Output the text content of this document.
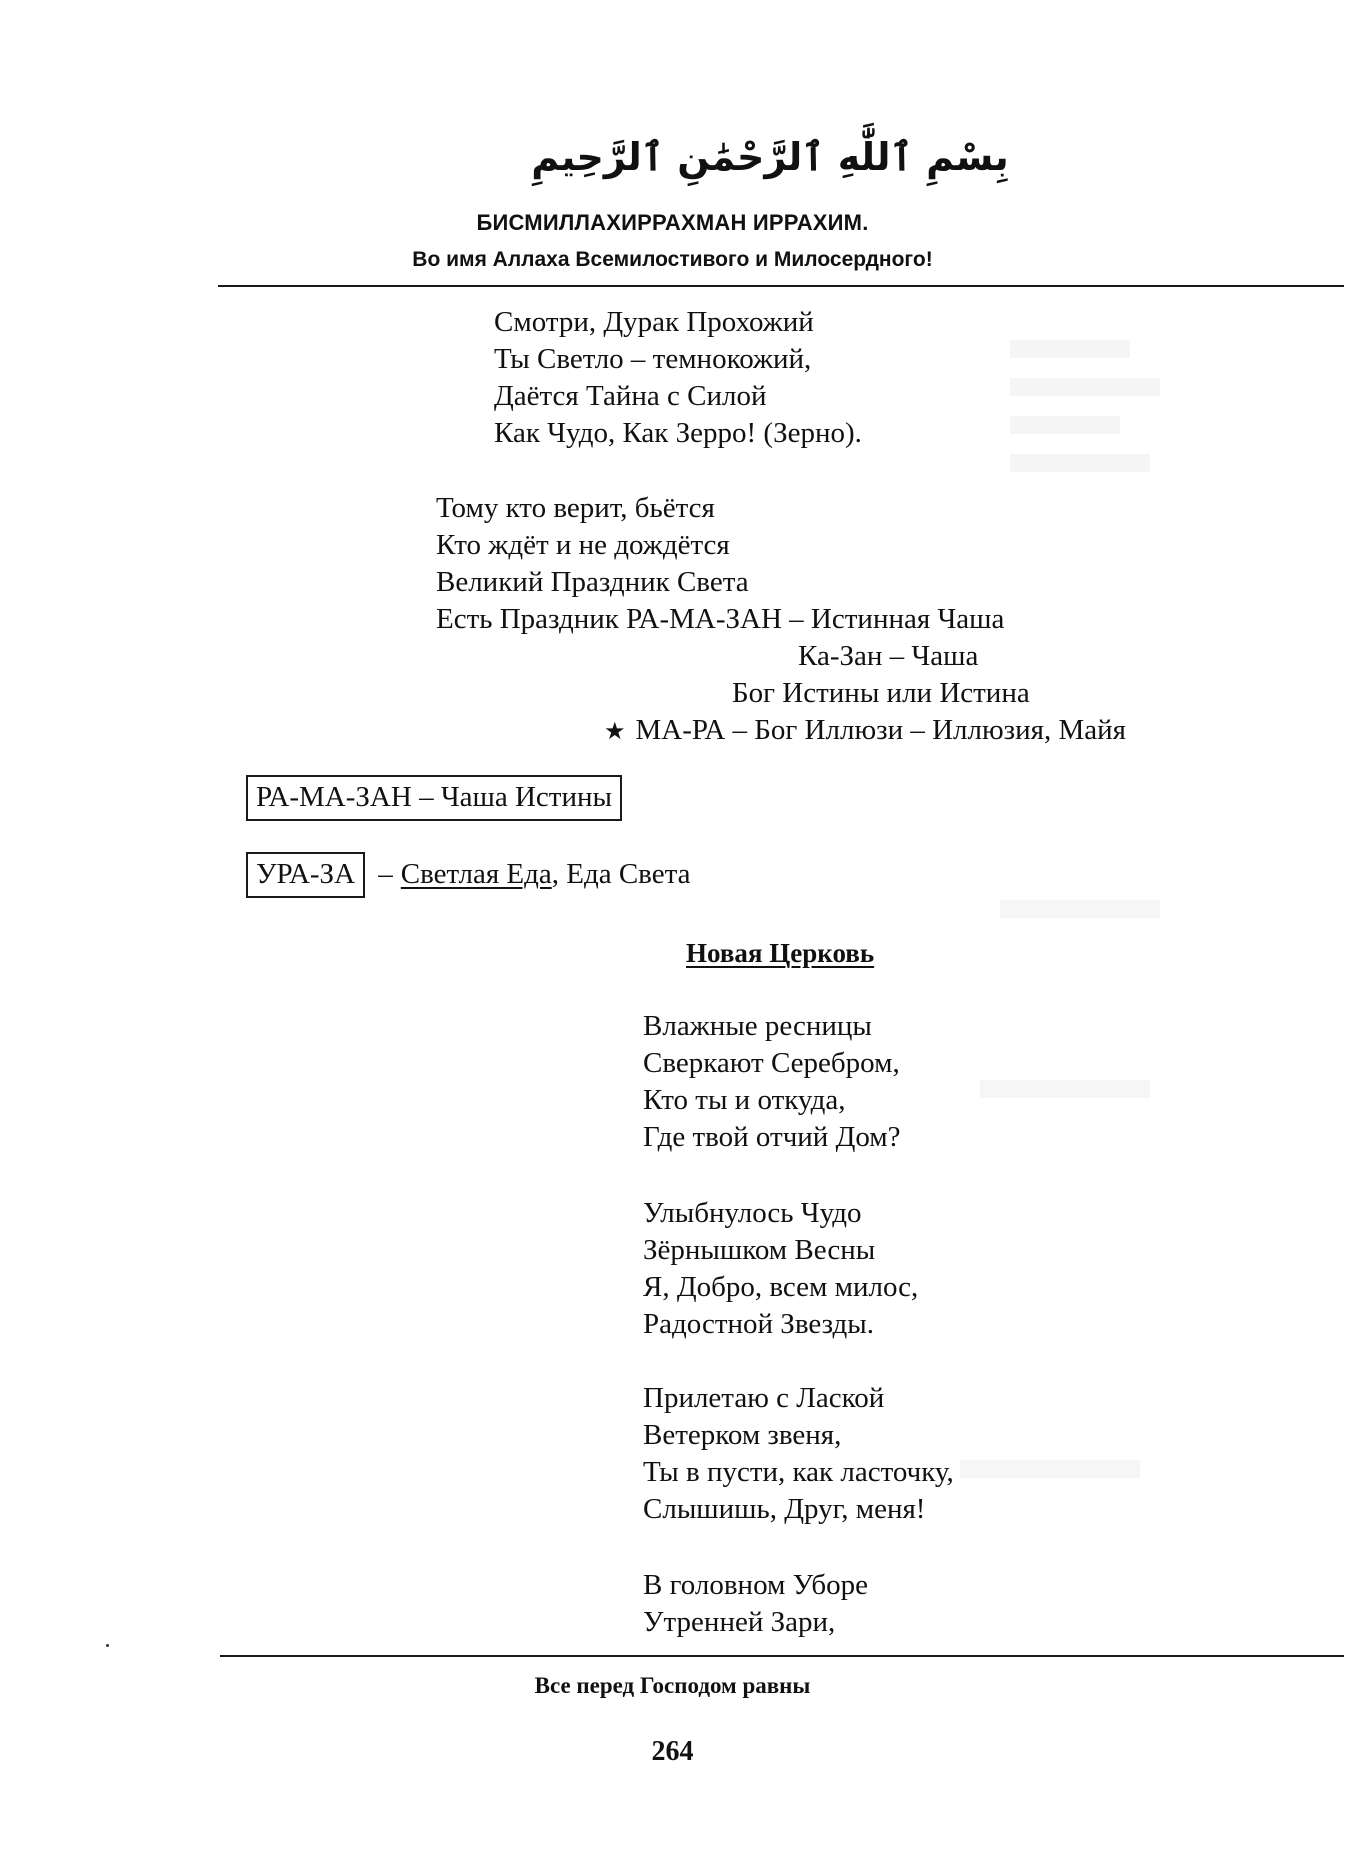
بِسْمِ ٱللَّٰهِ ٱلرَّحْمَٰنِ ٱلرَّحِيمِ
БИСМИЛЛАХИРРАХМАН ИРРАХИМ.
Во имя Аллаха Всемилостивого и Милосердного!
Смотри, Дурак Прохожий
Ты Светло – темнокожий,
Даётся Тайна с Силой
Как Чудо, Как Зерро! (Зерно).
Тому кто верит, бьётся
Кто ждёт и не дождётся
Великий Праздник Света
Есть Праздник РА-МА-ЗАН – Истинная Чаша
Ка-Зан – Чаша
Бог Истины или Истина
★ МА-РА – Бог Иллюзи – Иллюзия, Майя
РА-МА-ЗАН – Чаша Истины
УРА-ЗА – Светлая Еда, Еда Света
Новая Церковь
Влажные ресницы
Сверкают Серебром,
Кто ты и откуда,
Где твой отчий Дом?
Улыбнулось Чудо
Зёрнышком Весны
Я, Добро, всем милос,
Радостной Звезды.
Прилетаю с Лаской
Ветерком звеня,
Ты в пусти, как ласточку,
Слышишь, Друг, меня!
В головном Уборе
Утренней Зари,
Все перед Господом равны
264
